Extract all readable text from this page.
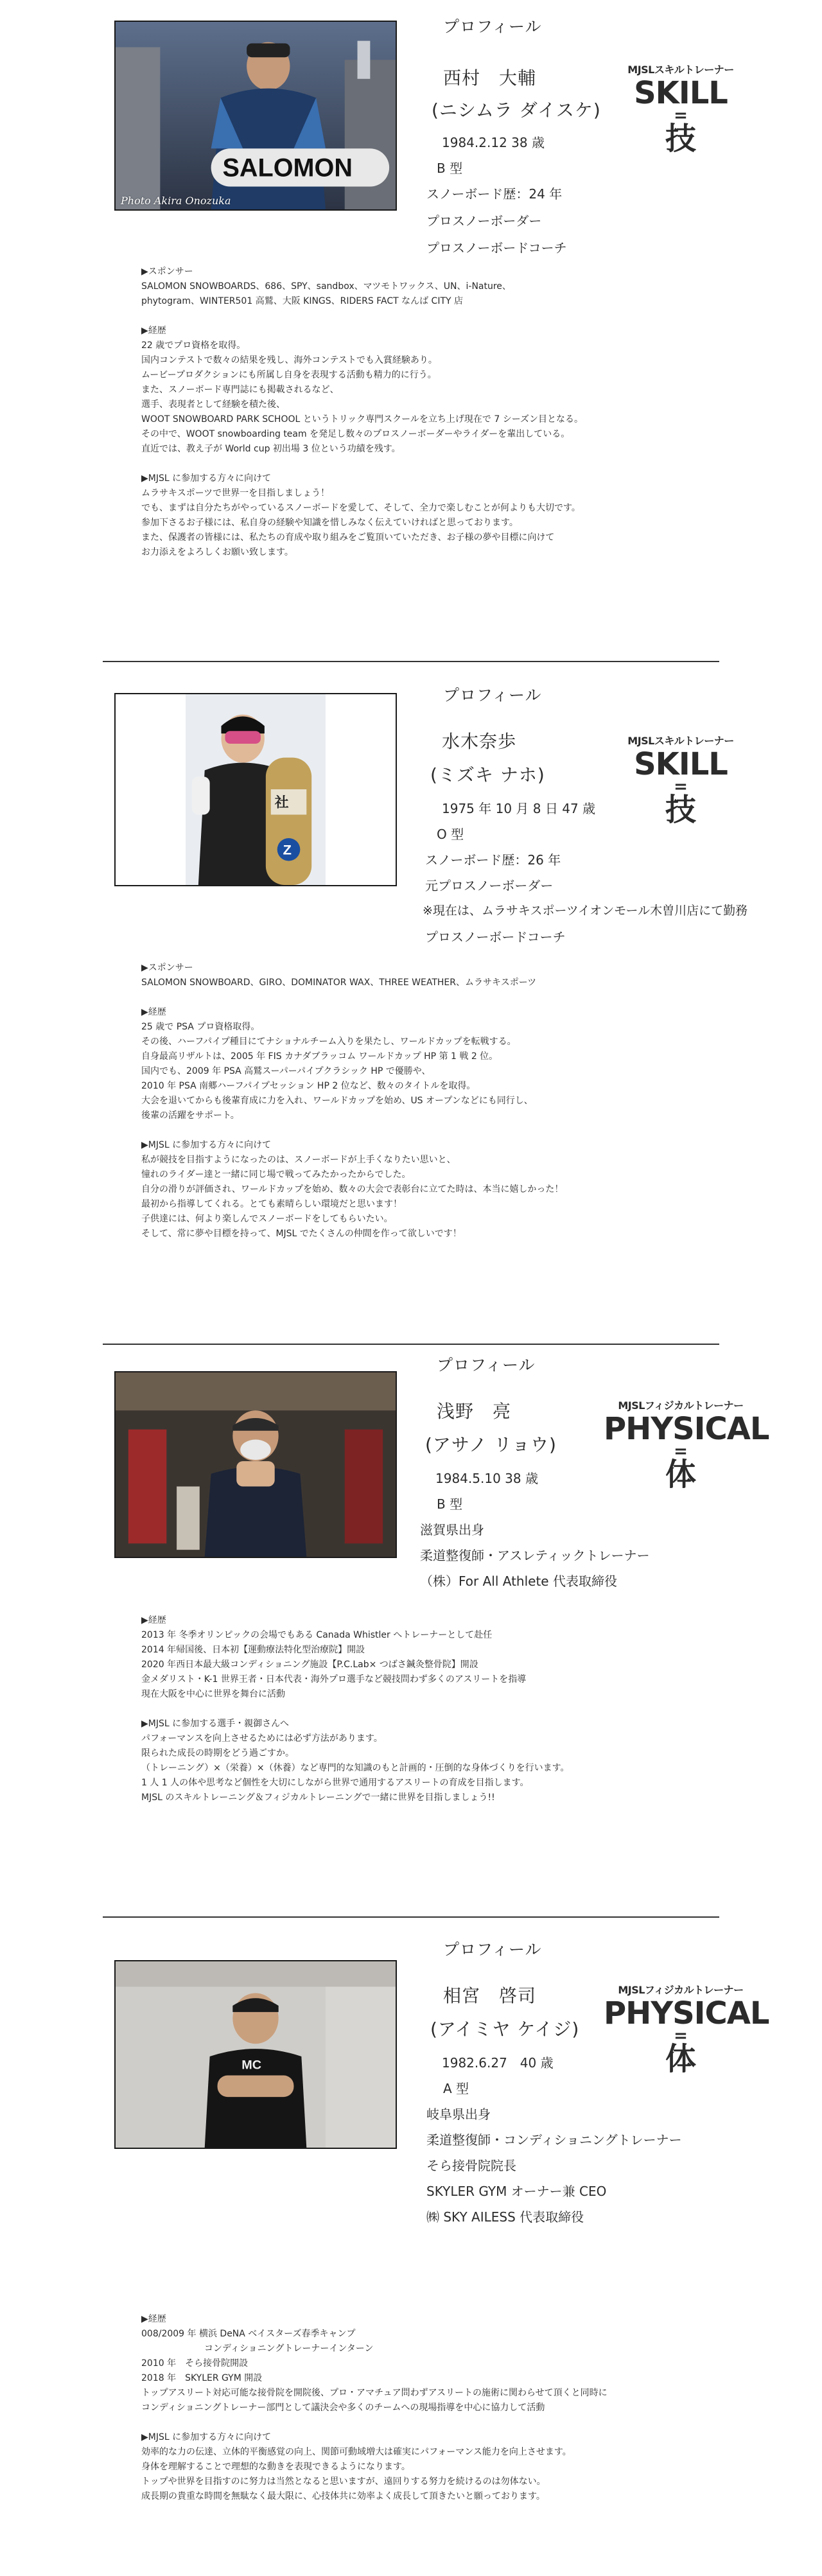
SALOMON
Photo Akira Onozuka
プロフィール
西村　大輔
(ニシムラ ダイスケ)
1984.2.12 38 歳
B 型
スノーボード歴：24 年
プロスノーボーダー
プロスノーボードコーチ
MJSLスキルトレーナー
SKILL
=
技
▶スポンサー
SALOMON SNOWBOARDS、686、SPY、sandbox、マツモトワックス、UN、i-Nature、
phytogram、WINTER501 高鷲、大阪 KINGS、RIDERS FACT なんば CITY 店
▶経歴
22 歳でプロ資格を取得。
国内コンテストで数々の結果を残し、海外コンテストでも入賞経験あり。
ムービープロダクションにも所属し自身を表現する活動も精力的に行う。
また、スノーボード専門誌にも掲載されるなど、
選手、表現者として経験を積た後、
WOOT SNOWBOARD PARK SCHOOL というトリック専門スクールを立ち上げ現在で 7 シーズン目となる。
その中で、WOOT snowboarding team を発足し数々のプロスノーボーダーやライダーを輩出している。
直近では、教え子が World cup 初出場 3 位という功績を残す。
▶MJSL に参加する方々に向けて
ムラサキスポーツで世界一を目指しましょう！
でも、まずは自分たちがやっているスノーボードを愛して、そして、全力で楽しむことが何よりも大切です。
参加下さるお子様には、私自身の経験や知識を惜しみなく伝えていければと思っております。
また、保護者の皆様には、私たちの育成や取り組みをご覧頂いていただき、お子様の夢や目標に向けて
お力添えをよろしくお願い致します。
社
Z
プロフィール
水木奈歩
(ミズキ ナホ)
1975 年 10 月 8 日 47 歳
O 型
スノーボード歴：26 年
元プロスノーボーダー
※現在は、ムラサキスポーツイオンモール木曽川店にて勤務
プロスノーボードコーチ
MJSLスキルトレーナー
SKILL
=
技
▶スポンサー
SALOMON SNOWBOARD、GIRO、DOMINATOR WAX、THREE WEATHER、ムラサキスポーツ
▶経歴
25 歳で PSA プロ資格取得。
その後、ハーフパイプ種目にてナショナルチーム入りを果たし、ワールドカップを転戦する。
自身最高リザルトは、2005 年 FIS カナダブラッコム ワールドカップ HP 第 1 戦 2 位。
国内でも、2009 年 PSA 高鷲スーパーパイプクラシック HP で優勝や、
2010 年 PSA 南郷ハーフパイプセッション HP 2 位など、数々のタイトルを取得。
大会を退いてからも後輩育成に力を入れ、ワールドカップを始め、US オープンなどにも同行し、
後輩の活躍をサポート。
▶MJSL に参加する方々に向けて
私が競技を目指すようになったのは、スノーボードが上手くなりたい思いと、
憧れのライダー達と一緒に同じ場で戦ってみたかったからでした。
自分の滑りが評価され、ワールドカップを始め、数々の大会で表彰台に立てた時は、本当に嬉しかった！
最初から指導してくれる。とても素晴らしい環境だと思います！
子供達には、何より楽しんでスノーボードをしてもらいたい。
そして、常に夢や目標を持って、MJSL でたくさんの仲間を作って欲しいです！
プロフィール
浅野　亮
(アサノ リョウ)
1984.5.10 38 歳
B 型
滋賀県出身
柔道整復師・アスレティックトレーナー
（株）For All Athlete 代表取締役
MJSLフィジカルトレーナー
PHYSICAL
=
体
▶経歴
2013 年 冬季オリンピックの会場でもある Canada Whistler へトレーナーとして赴任
2014 年帰国後、日本初【運動療法特化型治療院】開設
2020 年西日本最大級コンディショニング施設【P.C.Lab× つばさ鍼灸整骨院】開設
金メダリスト・K-1 世界王者・日本代表・海外プロ選手など競技問わず多くのアスリートを指導
現在大阪を中心に世界を舞台に活動
▶MJSL に参加する選手・親御さんへ
パフォーマンスを向上させるためには必ず方法があります。
限られた成長の時期をどう過ごすか。
（トレーニング）×（栄養）×（休養）など専門的な知識のもと計画的・圧倒的な身体づくりを行います。
1 人 1 人の体や思考など個性を大切にしながら世界で通用するアスリートの育成を目指します。
MJSL のスキルトレーニング＆フィジカルトレーニングで一緒に世界を目指しましょう!!
MC
プロフィール
相宮　啓司
(アイミヤ ケイジ)
1982.6.27　40 歳
A 型
岐阜県出身
柔道整復師・コンディショニングトレーナー
そら接骨院院長
SKYLER GYM オーナー兼 CEO
㈱ SKY AILESS 代表取締役
MJSLフィジカルトレーナー
PHYSICAL
=
体
▶経歴
008/2009 年 横浜 DeNA ベイスターズ春季キャンプ
　　　　　　　コンディショニングトレーナーインターン
2010 年　そら接骨院開設
2018 年　SKYLER GYM 開設
トップアスリート対応可能な接骨院を開院後、プロ・アマチュア問わずアスリートの施術に関わらせて頂くと同時に
コンディショニングトレーナー部門として議決会や多くのチームへの現場指導を中心に協力して活動
▶MJSL に参加する方々に向けて
効率的な力の伝達、立体的平衡感覚の向上、関節可動域増大は確実にパフォーマンス能力を向上させます。
身体を理解することで理想的な動きを表現できるようになります。
トップや世界を目指すのに努力は当然となると思いますが、遠回りする努力を続けるのは勿体ない。
成長期の貴重な時間を無駄なく最大限に、心技体共に効率よく成長して頂きたいと願っております。
